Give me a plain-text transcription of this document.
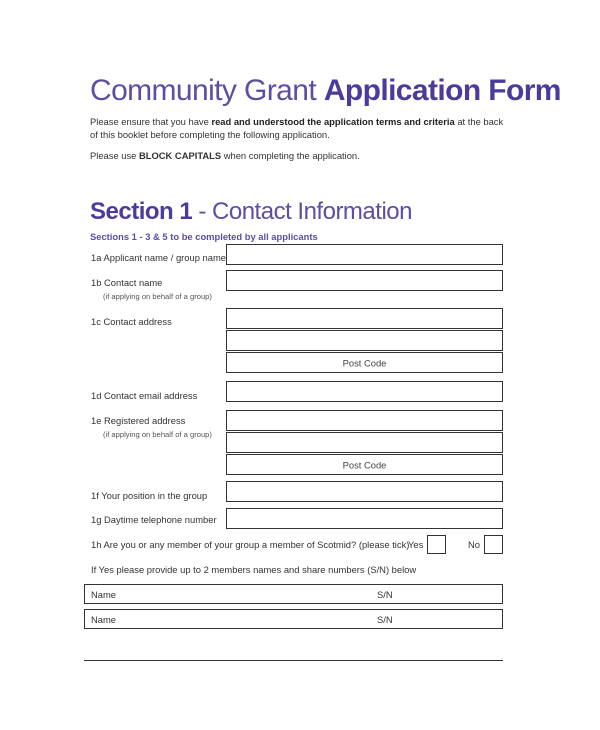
Community Grant Application Form
Please ensure that you have read and understood the application terms and criteria at the back of this booklet before completing the following application.
Please use BLOCK CAPITALS when completing the application.
Section 1 - Contact Information
Sections 1 - 3 & 5 to be completed by all applicants
1a Applicant name / group name
1b Contact name
(if applying on behalf of a group)
1c Contact address
Post Code
1d Contact email address
1e Registered address
(if applying on behalf of a group)
Post Code
1f Your position in the group
1g Daytime telephone number
1h Are you or any member of your group a member of Scotmid? (please tick)
Yes	No
If Yes please provide up to 2 members names and share numbers (S/N) below
Name	S/N
Name	S/N
